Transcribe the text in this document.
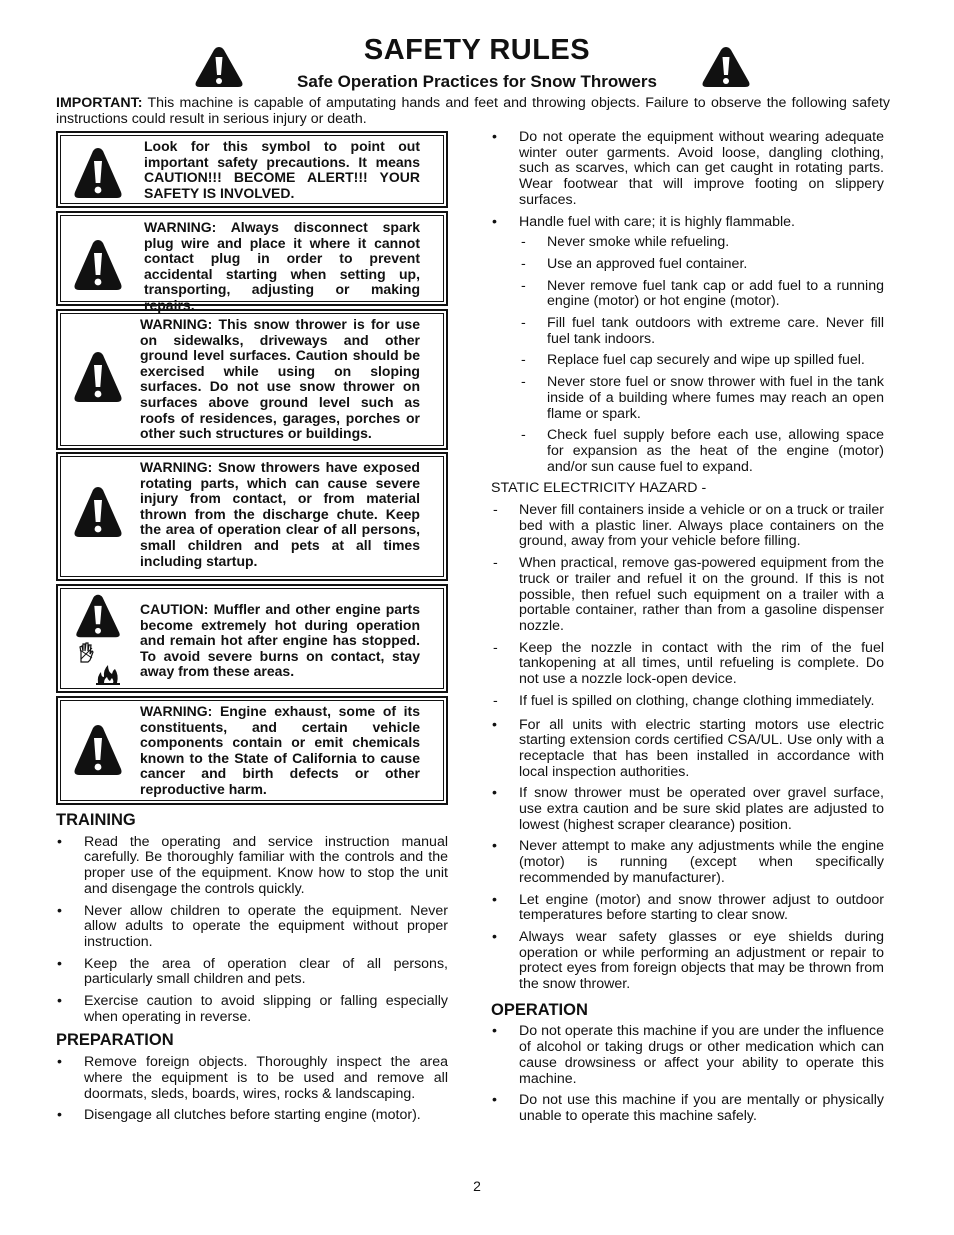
SAFETY RULES
Safe Operation Practices for Snow Throwers
IMPORTANT: This machine is capable of amputating hands and feet and throwing objects. Failure to observe the following safety instructions could result in serious injury or death.
Look for this symbol to point out important safety precautions. It means CAUTION!!! BECOME ALERT!!! YOUR SAFETY IS INVOLVED.
WARNING: Always disconnect spark plug wire and place it where it cannot contact plug in order to prevent accidental starting when setting up, transporting, adjusting or making repairs.
WARNING: This snow thrower is for use on sidewalks, driveways and other ground level surfaces. Caution should be exercised while using on sloping surfaces. Do not use snow thrower on surfaces above ground level such as roofs of residences, garages, porches or other such structures or buildings.
WARNING: Snow throwers have exposed rotating parts, which can cause severe injury from contact, or from material thrown from the discharge chute. Keep the area of operation clear of all persons, small children and pets at all times including startup.
CAUTION: Muffler and other engine parts become extremely hot during operation and remain hot after engine has stopped. To avoid severe burns on contact, stay away from these areas.
WARNING: Engine exhaust, some of its constituents, and certain vehicle components contain or emit chemicals known to the State of California to cause cancer and birth defects or other reproductive harm.
TRAINING
• Read the operating and service instruction manual carefully. Be thoroughly familiar with the controls and the proper use of the equipment. Know how to stop the unit and disengage the controls quickly.
• Never allow children to operate the equipment. Never allow adults to operate the equipment without proper instruction.
• Keep the area of operation clear of all persons, particularly small children and pets.
• Exercise caution to avoid slipping or falling especially when operating in reverse.
PREPARATION
• Remove foreign objects. Thoroughly inspect the area where the equipment is to be used and remove all doormats, sleds, boards, wires, rocks & landscaping.
• Disengage all clutches before starting engine (motor).
• Do not operate the equipment without wearing adequate winter outer garments. Avoid loose, dangling clothing, such as scarves, which can get caught in rotating parts. Wear footwear that will improve footing on slippery surfaces.
• Handle fuel with care; it is highly flammable.
- Never smoke while refueling.
- Use an approved fuel container.
- Never remove fuel tank cap or add fuel to a running engine (motor) or hot engine (motor).
- Fill fuel tank outdoors with extreme care. Never fill fuel tank indoors.
- Replace fuel cap securely and wipe up spilled fuel.
- Never store fuel or snow thrower with fuel in the tank inside of a building where fumes may reach an open flame or spark.
- Check fuel supply before each use, allowing space for expansion as the heat of the engine (motor) and/or sun cause fuel to expand.
STATIC ELECTRICITY HAZARD -
- Never fill containers inside a vehicle or on a truck or trailer bed with a plastic liner. Always place containers on the ground, away from your vehicle before filling.
- When practical, remove gas-powered equipment from the truck or trailer and refuel it on the ground. If this is not possible, then refuel such equipment on a trailer with a portable container, rather than from a gasoline dispenser nozzle.
- Keep the nozzle in contact with the rim of the fuel tankopening at all times, until refueling is complete. Do not use a nozzle lock-open device.
- If fuel is spilled on clothing, change clothing immediately.
• For all units with electric starting motors use electric starting extension cords certified CSA/UL. Use only with a receptacle that has been installed in accordance with local inspection authorities.
• If snow thrower must be operated over gravel surface, use extra caution and be sure skid plates are adjusted to lowest (highest scraper clearance) position.
• Never attempt to make any adjustments while the engine (motor) is running (except when specifically recommended by manufacturer).
• Let engine (motor) and snow thrower adjust to outdoor temperatures before starting to clear snow.
• Always wear safety glasses or eye shields during operation or while performing an adjustment or repair to protect eyes from foreign objects that may be thrown from the snow thrower.
OPERATION
• Do not operate this machine if you are under the influence of alcohol or taking drugs or other medication which can cause drowsiness or affect your ability to operate this machine.
• Do not use this machine if you are mentally or physically unable to operate this machine safely.
2
